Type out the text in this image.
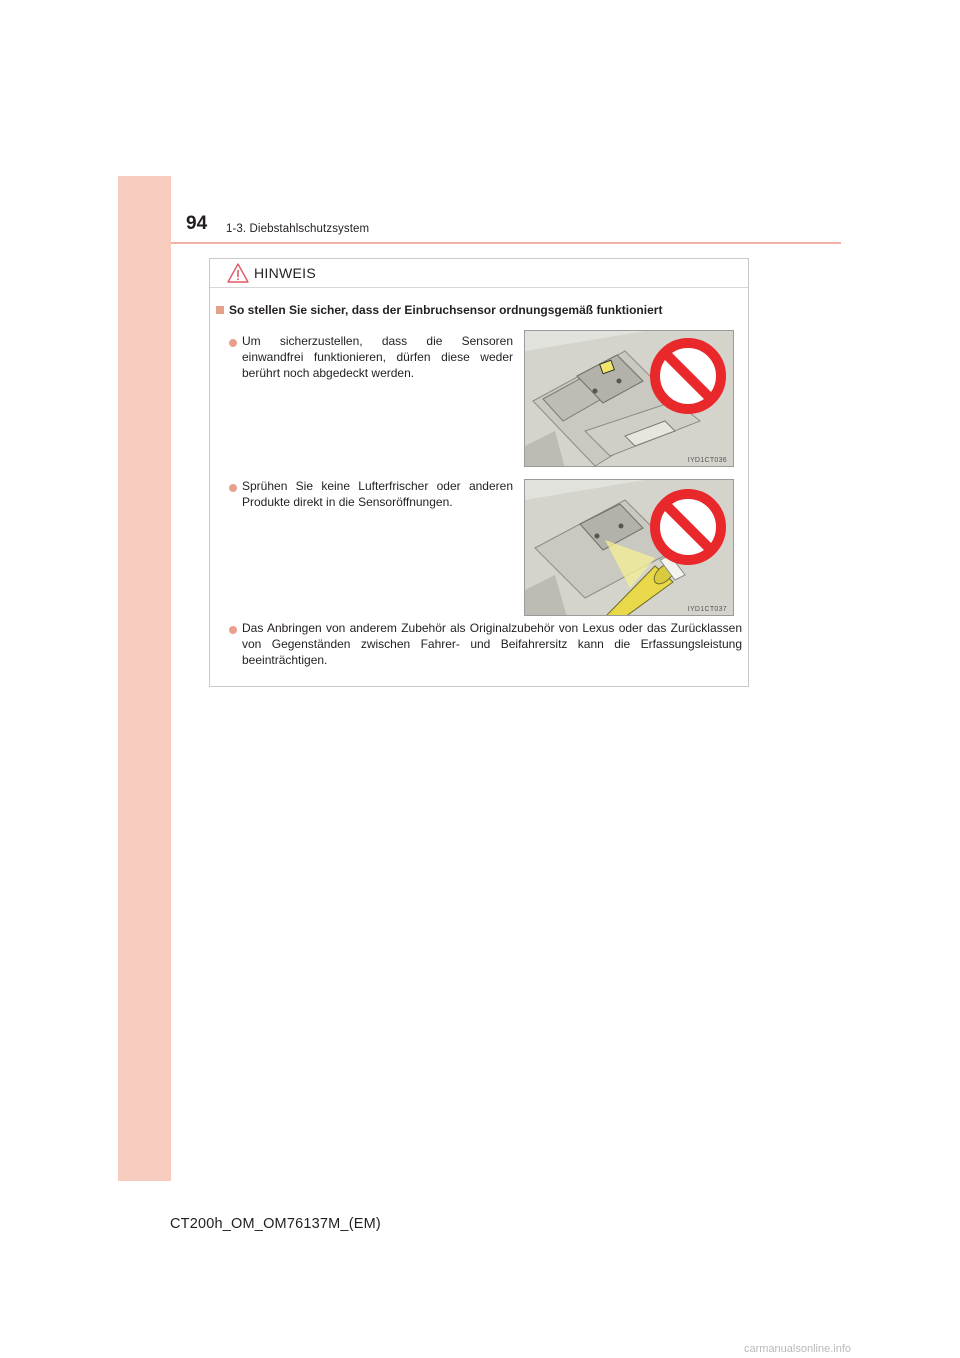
94 1-3. Diebstahlschutzsystem
HINWEIS
So stellen Sie sicher, dass der Einbruchsensor ordnungsgemäß funktioniert
Um sicherzustellen, dass die Sensoren einwandfrei funktionieren, dürfen diese weder berührt noch abgedeckt werden.
IYD1CT036
Sprühen Sie keine Lufterfrischer oder anderen Produkte direkt in die Sensoröffnungen.
IYD1CT037
Das Anbringen von anderem Zubehör als Originalzubehör von Lexus oder das Zurücklassen von Gegenständen zwischen Fahrer- und Beifahrersitz kann die Erfassungsleistung beeinträchtigen.
CT200h_OM_OM76137M_(EM)
carmanualsonline.info
